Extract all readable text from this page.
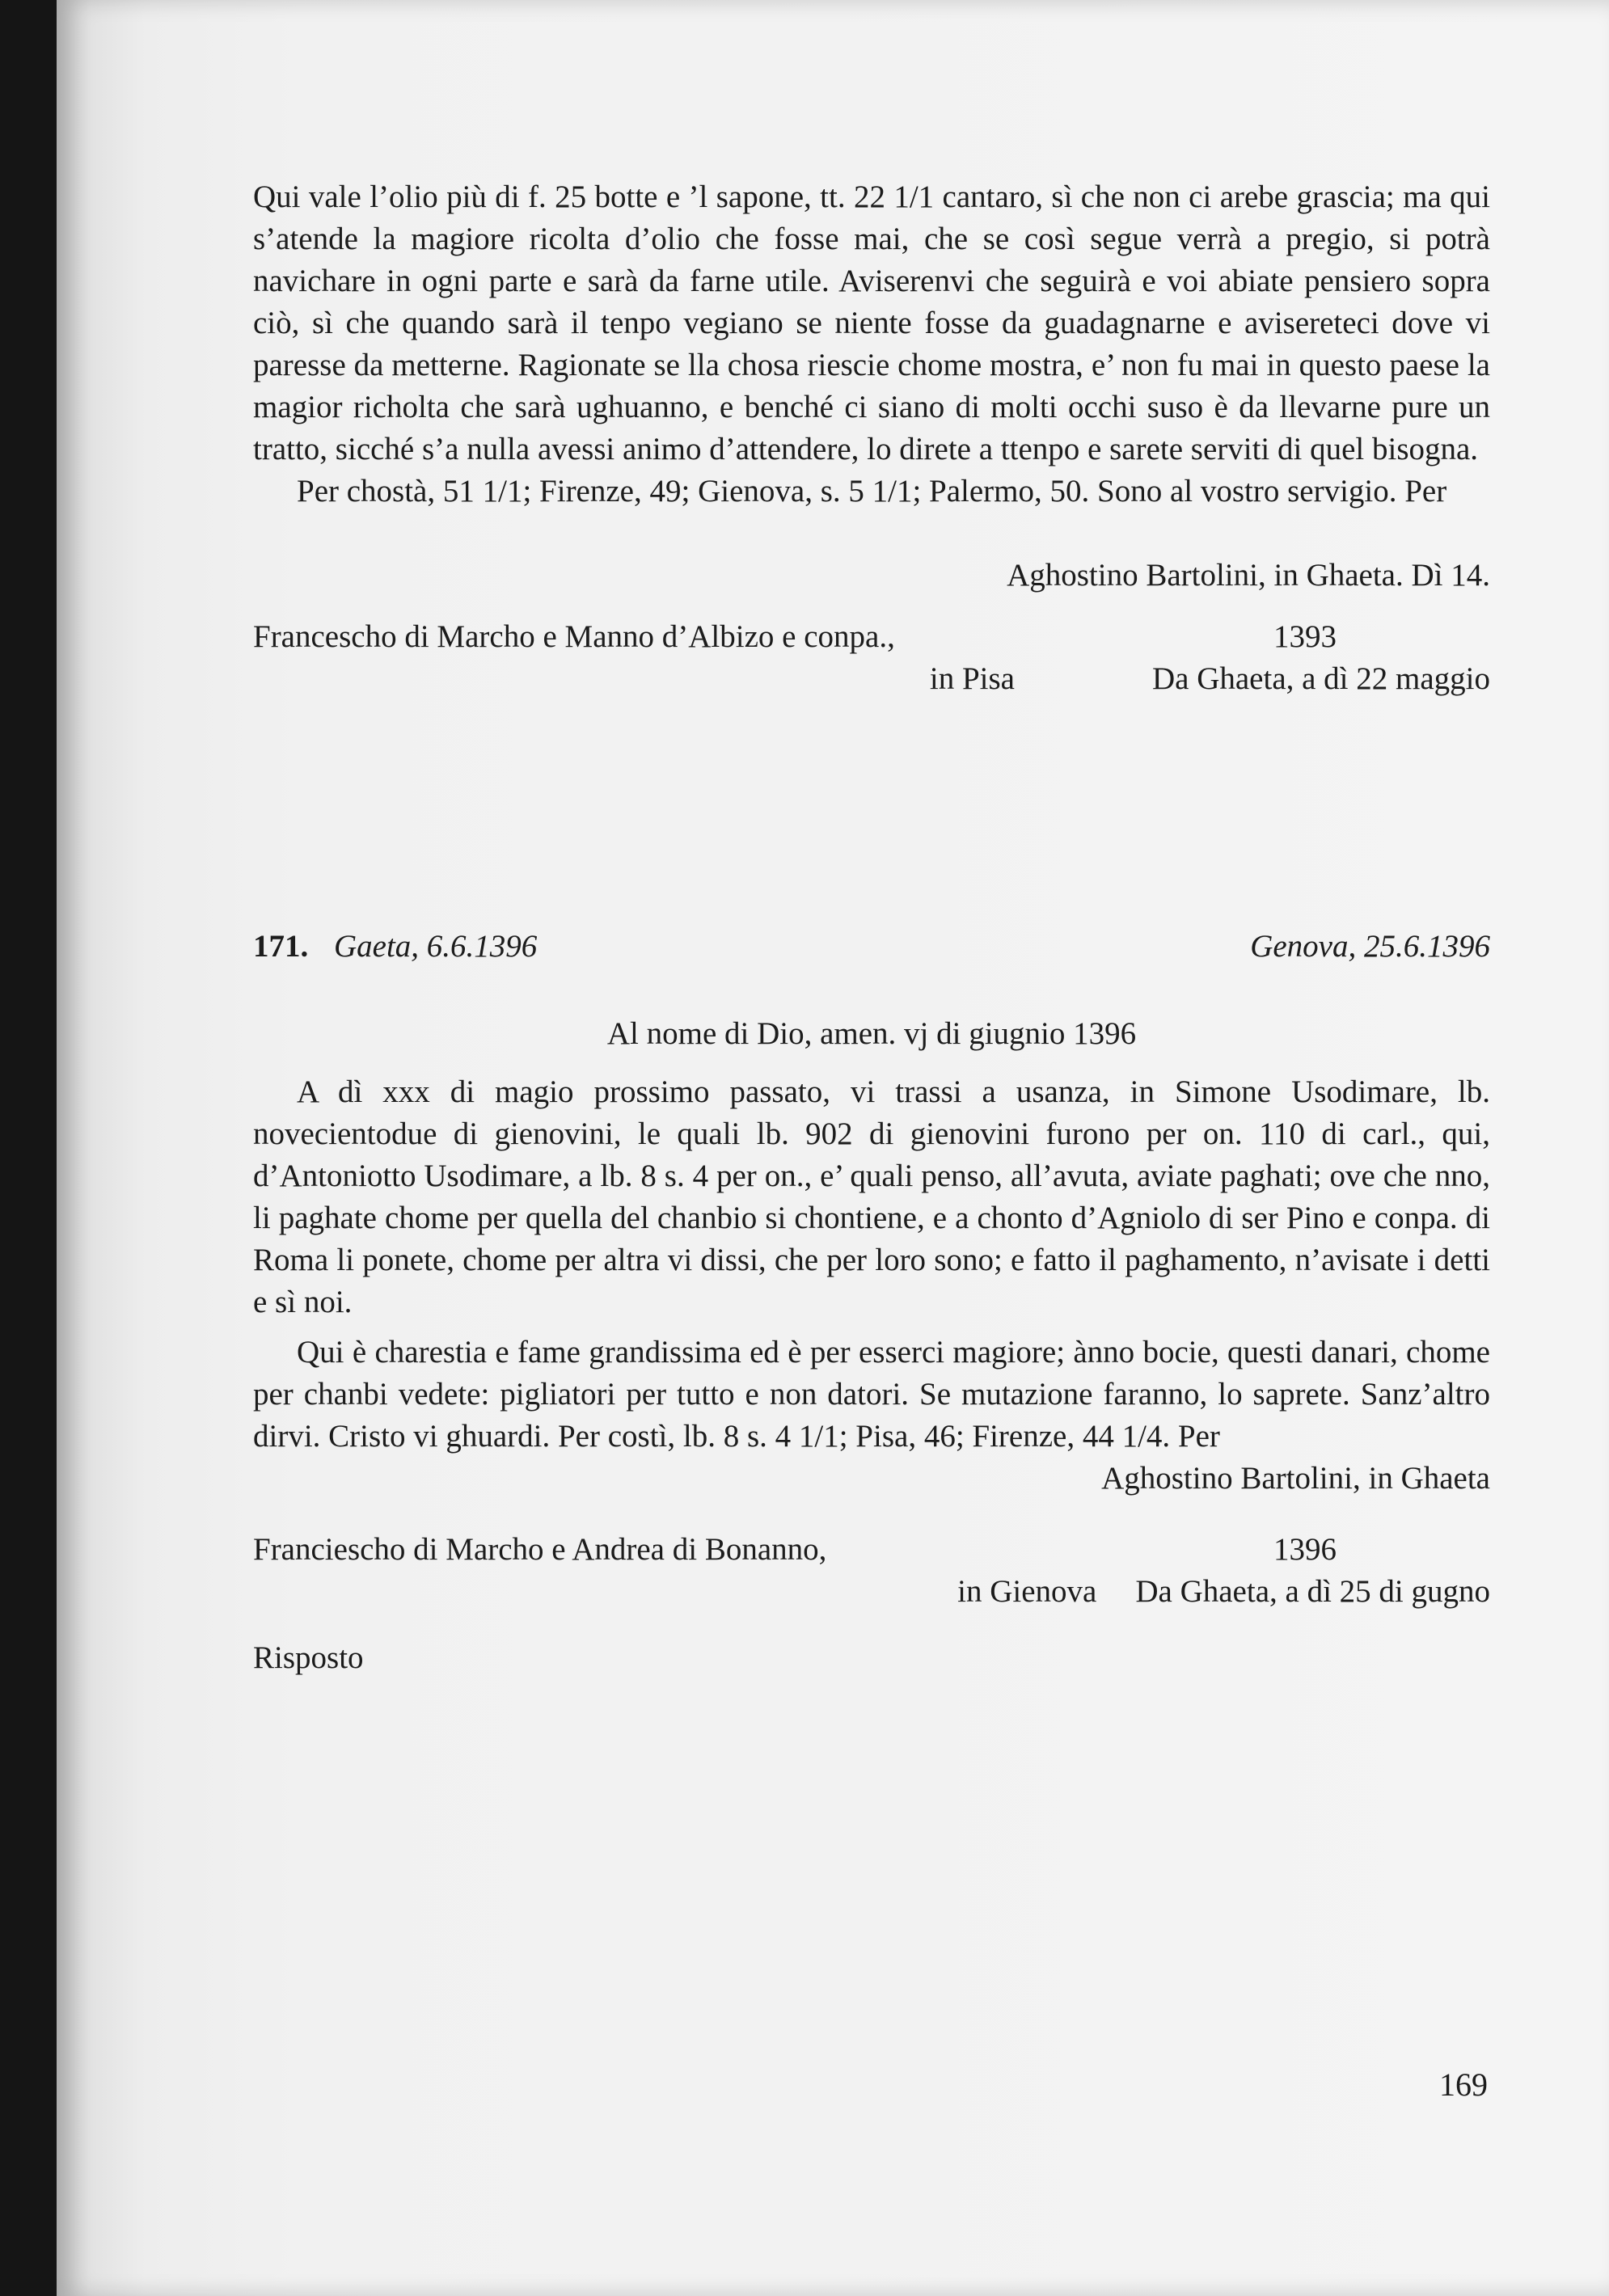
Qui vale l’olio più di f. 25 botte e ’l sapone, tt. 22 1/1 cantaro, sì che non ci arebe grascia; ma qui s’atende la magiore ricolta d’olio che fosse mai, che se così segue verrà a pregio, si potrà navichare in ogni parte e sarà da farne utile. Aviserenvi che seguirà e voi abiate pensiero sopra ciò, sì che quando sarà il tenpo vegiano se niente fosse da guadagnarne e avisereteci dove vi paresse da metterne. Ragionate se lla chosa riescie chome mostra, e’ non fu mai in questo paese la magior richolta che sarà ughuanno, e benché ci siano di molti occhi suso è da llevarne pure un tratto, sicché s’a nulla avessi animo d’attendere, lo direte a ttenpo e sarete serviti di quel bisogna.

Per chostà, 51 1/1; Firenze, 49; Gienova, s. 5 1/1; Palermo, 50. Sono al vostro servigio. Per

Aghostino Bartolini, in Ghaeta. Dì 14.

Francescho di Marcho e Manno d’Albizo e conpa.,	1393
in Pisa	Da Ghaeta, a dì 22 maggio
171. Gaeta, 6.6.1396	Genova, 25.6.1396

Al nome di Dio, amen. vj di giugnio 1396

A dì xxx di magio prossimo passato, vi trassi a usanza, in Simone Usodimare, lb. novecientodue di gienovini, le quali lb. 902 di gienovini furono per on. 110 di carl., qui, d’Antoniotto Usodimare, a lb. 8 s. 4 per on., e’ quali penso, all’avuta, aviate paghati; ove che nno, li paghate chome per quella del chanbio si chontiene, e a chonto d’Agniolo di ser Pino e conpa. di Roma li ponete, chome per altra vi dissi, che per loro sono; e fatto il paghamento, n’avisate i detti e sì noi.

Qui è charestia e fame grandissima ed è per esserci magiore; ànno bocie, questi danari, chome per chanbi vedete: pigliatori per tutto e non datori. Se mutazione faranno, lo saprete. Sanz’altro dirvi. Cristo vi ghuardi. Per costì, lb. 8 s. 4 1/1; Pisa, 46; Firenze, 44 1/4. Per

Aghostino Bartolini, in Ghaeta

Franciescho di Marcho e Andrea di Bonanno,	1396
in Gienova Da Ghaeta, a dì 25 di gugno

Risposto

169
